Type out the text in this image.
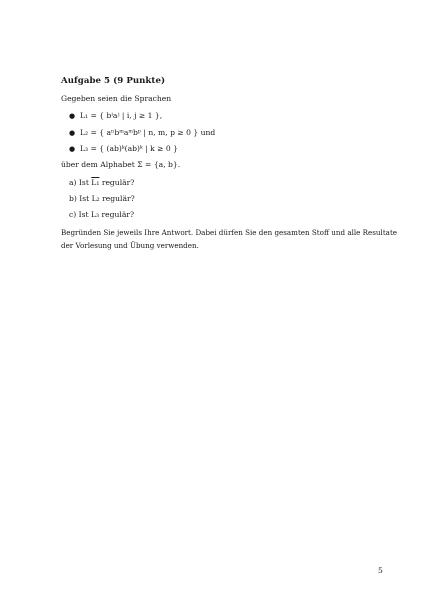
Aufgabe 5 (9 Punkte)
Gegeben seien die Sprachen
● L₁ = { bⁱaʲ | i, j ≥ 1 },
● L₂ = { aⁿbᵐaᵐbᵖ | n, m, p ≥ 0 } und
● L₃ = { (ab)ᵏ(ab)ᵏ | k ≥ 0 }
über dem Alphabet Σ = {a, b}.
a) Ist L₁ regulär?
b) Ist L₂ regulär?
c) Ist L₃ regulär?
Begründen Sie jeweils Ihre Antwort. Dabei dürfen Sie den gesamten Stoff und alle Resultate
der Vorlesung und Übung verwenden.
5
